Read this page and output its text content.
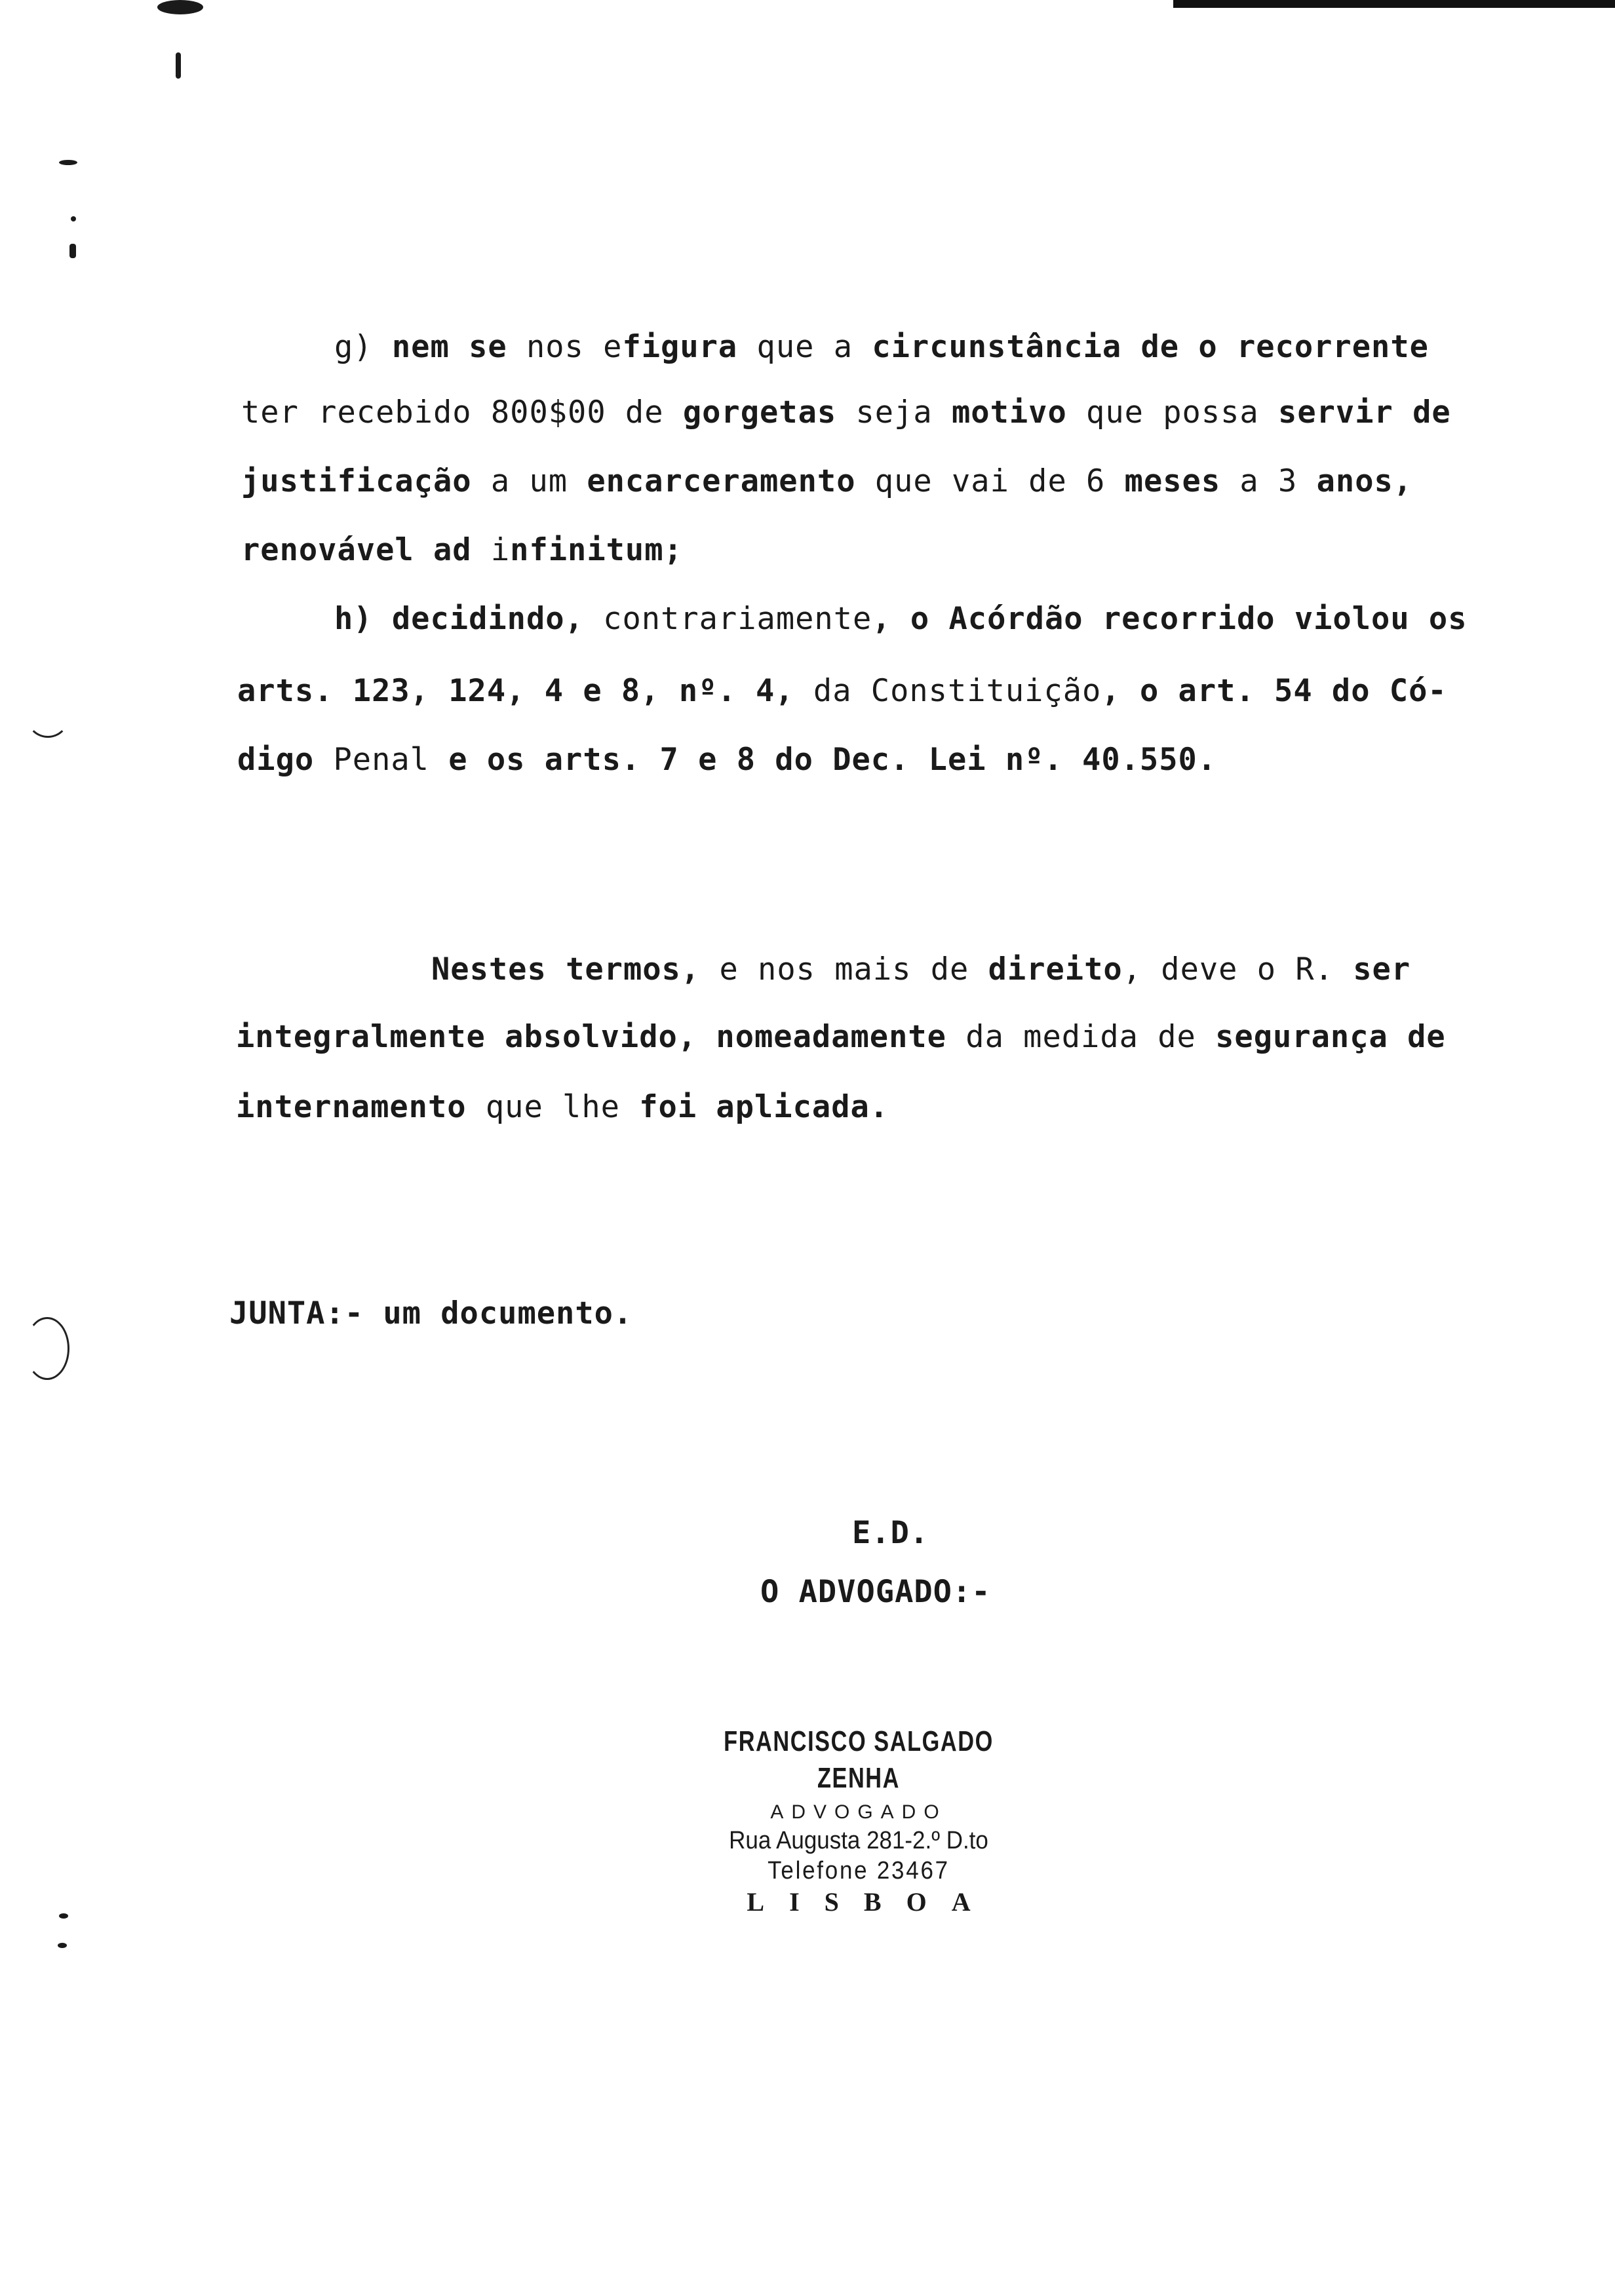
g) nem se nos efigura que a circunstância de o recorrente
ter recebido 800$00 de gorgetas seja motivo que possa servir de
justificação a um encarceramento que vai de 6 meses a 3 anos,
renovável ad infinitum;
h) decidindo, contrariamente, o Acórdão recorrido violou os
arts. 123, 124, 4 e 8, nº. 4, da Constituição, o art. 54 do Có-
digo Penal e os arts. 7 e 8 do Dec. Lei nº. 40.550.
Nestes termos, e nos mais de direito, deve o R. ser
integralmente absolvido, nomeadamente da medida de segurança de
internamento que lhe foi aplicada.
JUNTA:- um documento.
E.D.
O ADVOGADO:-
FRANCISCO SALGADO ZENHA
ADVOGADO
Rua Augusta 281-2.º D.to
Telefone 23467
LISBOA
